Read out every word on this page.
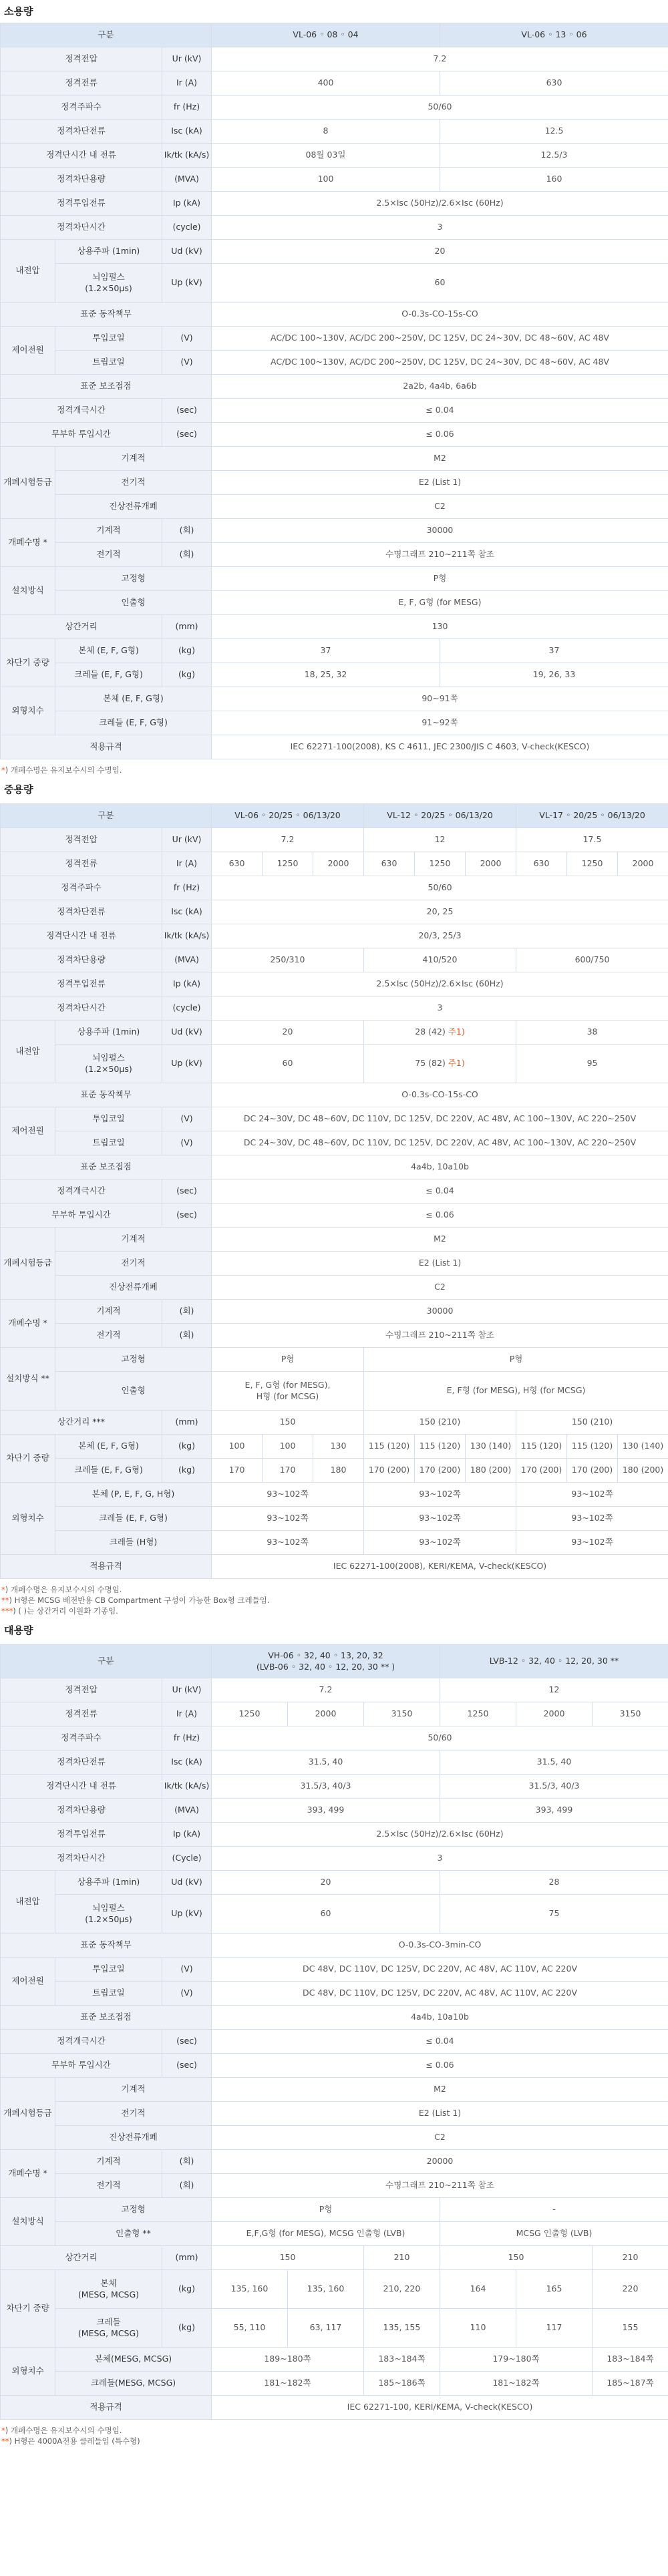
소용량
구분			VL-06 ◦ 08 ◦ 04	VL-06 ◦ 13 ◦ 06
정격전압		Ur (kV)	7.2	
정격전류		Ir (A)	400	630
정격주파수		fr (Hz)	50/60	
정격차단전류		Isc (kA)	8	12.5
정격단시간 내 전류		Ik/tk (kA/s)	08월 03일	12.5/3
정격차단용량		(MVA)	100	160
정격투입전류		Ip (kA)	2.5×Isc (50Hz)/2.6×Isc (60Hz)	
정격차단시간		(cycle)	3	
내전압	상용주파 (1min)	Ud (kV)	20	
	뇌임펄스
(1.2×50μs)	Up (kV)	60	
표준 동작책무			O-0.3s-CO-15s-CO	
제어전원	투입코일	(V)	AC/DC 100~130V, AC/DC 200~250V, DC 125V, DC 24~30V, DC 48~60V, AC 48V	
	트립코일	(V)	AC/DC 100~130V, AC/DC 200~250V, DC 125V, DC 24~30V, DC 48~60V, AC 48V	
표준 보조접점			2a2b, 4a4b, 6a6b	
정격개극시간		(sec)	≤ 0.04	
무부하 투입시간		(sec)	≤ 0.06	
개폐시험등급	기계적		M2	
	전기적		E2 (List 1)	
	진상전류개폐		C2	
개폐수명 *	기계적	(회)	30000	
	전기적	(회)	수명그래프 210~211쪽 참조	
설치방식	고정형		P형	
	인출형		E, F, G형 (for MESG)	
상간거리		(mm)	130	
차단기 중량	본체 (E, F, G형)	(kg)	37	37
	크레들 (E, F, G형)	(kg)	18, 25, 32	19, 26, 33
외형치수	본체 (E, F, G형)		90~91쪽	
	크레들 (E, F, G형)		91~92쪽	
적용규격			IEC 62271-100(2008), KS C 4611, JEC 2300/JIS C 4603, V-check(KESCO)	
*) 개폐수명은 유지보수시의 수명임.
중용량
구분			VL-06 ◦ 20/25 ◦ 06/13/20			VL-12 ◦ 20/25 ◦ 06/13/20			VL-17 ◦ 20/25 ◦ 06/13/20		
정격전압		Ur (kV)	7.2			12			17.5		
정격전류		Ir (A)	630	1250	2000	630	1250	2000	630	1250	2000
정격주파수		fr (Hz)	50/60								
정격차단전류		Isc (kA)	20, 25								
정격단시간 내 전류		Ik/tk (kA/s)	20/3, 25/3								
정격차단용량		(MVA)	250/310			410/520			600/750		
정격투입전류		Ip (kA)	2.5×Isc (50Hz)/2.6×Isc (60Hz)								
정격차단시간		(cycle)	3								
내전압	상용주파 (1min)	Ud (kV)	20			28 (42) 주1)			38		
	뇌임펄스
(1.2×50μs)	Up (kV)	60			75 (82) 주1)			95		
표준 동작책무			O-0.3s-CO-15s-CO								
제어전원	투입코일	(V)	DC 24~30V, DC 48~60V, DC 110V, DC 125V, DC 220V, AC 48V, AC 100~130V, AC 220~250V								
	트립코일	(V)	DC 24~30V, DC 48~60V, DC 110V, DC 125V, DC 220V, AC 48V, AC 100~130V, AC 220~250V								
표준 보조접점			4a4b, 10a10b								
정격개극시간		(sec)	≤ 0.04								
무부하 투입시간		(sec)	≤ 0.06								
개폐시험등급	기계적		M2								
	전기적		E2 (List 1)								
	진상전류개폐		C2								
개폐수명 *	기계적	(회)	30000								
	전기적	(회)	수명그래프 210~211쪽 참조								
설치방식 **	고정형		P형			P형					
	인출형		E, F, G형 (for MESG),
H형 (for MCSG)			E, F형 (for MESG), H형 (for MCSG)					
상간거리 ***		(mm)	150			150 (210)			150 (210)		
차단기 중량	본체 (E, F, G형)	(kg)	100	100	130	115 (120)	115 (120)	130 (140)	115 (120)	115 (120)	130 (140)
	크레들 (E, F, G형)	(kg)	170	170	180	170 (200)	170 (200)	180 (200)	170 (200)	170 (200)	180 (200)
외형치수	본체 (P, E, F, G, H형)		93~102쪽			93~102쪽			93~102쪽		
	크레들 (E, F, G형)		93~102쪽			93~102쪽			93~102쪽		
	크레들 (H형)		93~102쪽			93~102쪽			93~102쪽		
적용규격			IEC 62271-100(2008), KERI/KEMA, V-check(KESCO)								
*) 개폐수명은 유지보수시의 수명임.
**) H형은 MCSG 배전반용 CB Compartment 구성이 가능한 Box형 크레들임.
***) ( )는 상간거리 이원화 기종임.
대용량
구분			VH-06 ◦ 32, 40 ◦ 13, 20, 32
(LVB-06 ◦ 32, 40 ◦ 12, 20, 30 ** )			LVB-12 ◦ 32, 40 ◦ 12, 20, 30 **		
정격전압		Ur (kV)	7.2			12		
정격전류		Ir (A)	1250	2000	3150	1250	2000	3150
정격주파수		fr (Hz)	50/60					
정격차단전류		Isc (kA)	31.5, 40			31.5, 40		
정격단시간 내 전류		Ik/tk (kA/s)	31.5/3, 40/3			31.5/3, 40/3		
정격차단용량		(MVA)	393, 499			393, 499		
정격투입전류		Ip (kA)	2.5×Isc (50Hz)/2.6×Isc (60Hz)					
정격차단시간		(Cycle)	3					
내전압	상용주파 (1min)	Ud (kV)	20			28		
	뇌임펄스
(1.2×50μs)	Up (kV)	60			75		
표준 동작책무			O-0.3s-CO-3min-CO					
제어전원	투입코일	(V)	DC 48V, DC 110V, DC 125V, DC 220V, AC 48V, AC 110V, AC 220V					
	트립코일	(V)	DC 48V, DC 110V, DC 125V, DC 220V, AC 48V, AC 110V, AC 220V					
표준 보조접점			4a4b, 10a10b					
정격개극시간		(sec)	≤ 0.04					
무부하 투입시간		(sec)	≤ 0.06					
개폐시험등급	기계적		M2					
	전기적		E2 (List 1)					
	진상전류개폐		C2					
개폐수명 *	기계적	(회)	20000					
	전기적	(회)	수명그래프 210~211쪽 참조					
설치방식	고정형		P형			-		
	인출형 **		E,F,G형 (for MESG), MCSG 인출형 (LVB)			MCSG 인출형 (LVB)		
상간거리		(mm)	150		210	150		210
차단기 중량	본체
(MESG, MCSG)	(kg)	135, 160	135, 160	210, 220	164	165	220
	크레들
(MESG, MCSG)	(kg)	55, 110	63, 117	135, 155	110	117	155
외형치수	본체(MESG, MCSG)		189~180쪽		183~184쪽	179~180쪽		183~184쪽
	크레들(MESG, MCSG)		181~182쪽		185~186쪽	181~182쪽		185~187쪽
적용규격			IEC 62271-100, KERI/KEMA, V-check(KESCO)					
*) 개폐수명은 유지보수시의 수명임.
**) H형은 4000A전용 클레들임 (특수형)
